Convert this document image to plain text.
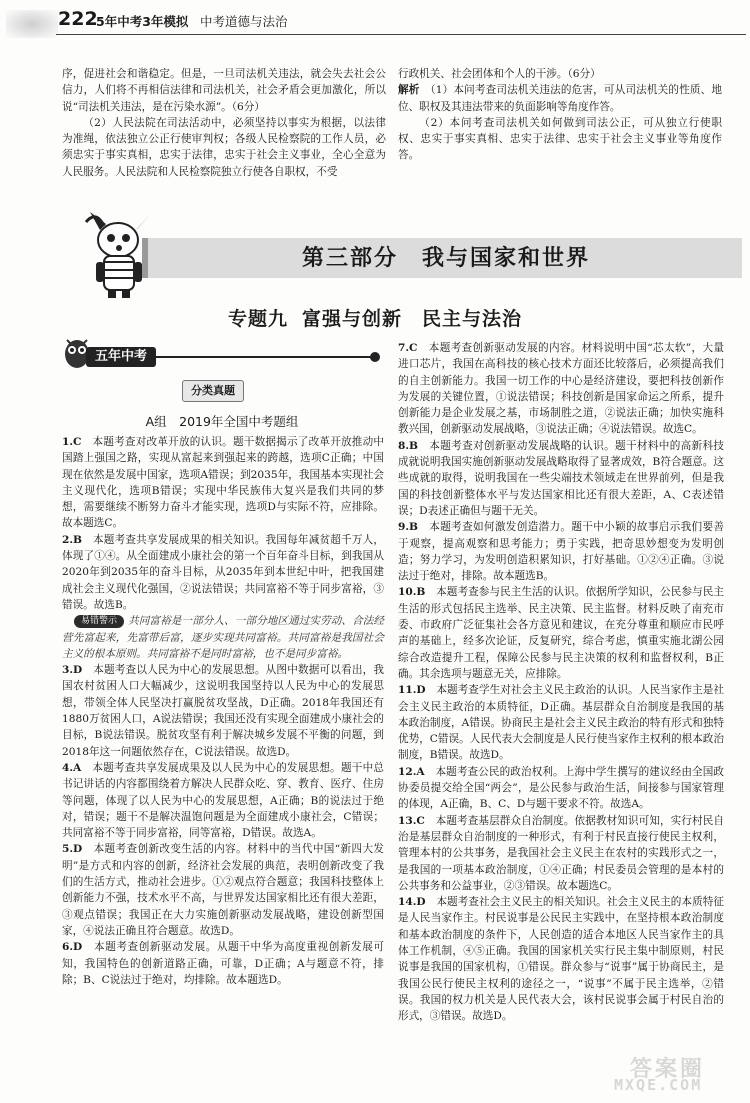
222
5年中考3年模拟 中考道德与法治

序，促进社会和谐稳定。但是，一旦司法机关违法，就会失去社会公信力，人们将不再相信法律和司法机关，社会矛盾会更加激化，所以说“司法机关违法，是在污染水源”。（6分）

（2）人民法院在司法活动中，必须坚持以事实为根据，以法律为准绳，依法独立公正行使审判权；各级人民检察院的工作人员，必须忠实于事实真相，忠实于法律，忠实于社会主义事业，全心全意为人民服务。人民法院和人民检察院独立行使各自职权，不受

行政机关、社会团体和个人的干涉。（6分）

解析　 （1）本问考查司法机关违法的危害，可从司法机关的性质、地位、职权及其违法带来的负面影响等角度作答。

（2）本问考查司法机关如何做到司法公正，可从独立行使职权、忠实于事实真相、忠实于法律、忠实于社会主义事业等角度作答。

第三部分　我与国家和世界
专题九 富强与创新 民主与法治
五年中考
分类真题
A组　2019年全国中考题组

1.C　 本题考查对改革开放的认识。题干数据揭示了改革开放推动中国踏上强国之路，实现从富起来到强起来的跨越，选项C正确；中国现在依然是发展中国家，选项A错误；到2035年，我国基本实现社会主义现代化，选项B错误；实现中华民族伟大复兴是我们共同的梦想，需要继续不断努力奋斗才能实现，选项D与实际不符，应排除。故本题选C。

2.B　 本题考查共享发展成果的相关知识。我国每年减贫超千万人，体现了①④。从全面建成小康社会的第一个百年奋斗目标，到我国从2020年到2035年的奋斗目标，从2035年到本世纪中叶，把我国建成社会主义现代化强国，②说法错误；共同富裕不等于同步富裕，③错误。故选B。

易错警示 共同富裕是一部分人、一部分地区通过实劳动、合法经营先富起来，先富带后富，逐步实现共同富裕。共同富裕是我国社会主义的根本原则。共同富裕不是同时富裕，也不是同步富裕。

3.D　 本题考查以人民为中心的发展思想。从图中数据可以看出，我国农村贫困人口大幅减少，这说明我国坚持以人民为中心的发展思想，带领全体人民坚决打赢脱贫攻坚战，D正确。2018年我国还有1880万贫困人口，A说法错误；我国还没有实现全面建成小康社会的目标，B说法错误。脱贫攻坚有利于解决城乡发展不平衡的问题，到2018年这一问题依然存在，C说法错误。故选D。

4.A　 本题考查共享发展成果及以人民为中心的发展思想。题干中总书记讲话的内容都围绕着方解决人民群众吃、穿、教育、医疗、住房等问题，体现了以人民为中心的发展思想，A正确；B的说法过于绝对，错误；题干不是解决温饱问题是为全面建成小康社会，C错误；共同富裕不等于同步富裕，同等富裕，D错误。故选A。

5.D　 本题考查创新改变生活的内容。材料中的当代中国“新四大发明”是方式和内容的创新，经济社会发展的典范，表明创新改变了我们的生活方式，推动社会进步。①②观点符合题意；我国科技整体上创新能力不强，技术水平不高，与世界发达国家相比还有很大差距，③观点错误；我国正在大力实施创新驱动发展战略，建设创新型国家，④说法正确且符合题意。故选D。

6.D　 本题考查创新驱动发展。从题干中华为高度重视创新发展可知，我国特色的创新道路正确，可靠，D正确；A与题意不符，排除；B、C说法过于绝对，均排除。故本题选D。

7.C　 本题考查创新驱动发展的内容。材料说明中国“芯太软”，大量进口芯片，我国在高科技的核心技术方面还比较落后，必须提高我们的自主创新能力。我国一切工作的中心是经济建设，要把科技创新作为发展的关键位置，①说法错误；科技创新是国家命运之所系，提升创新能力是企业发展之基，市场制胜之道，②说法正确；加快实施科教兴国，创新驱动发展战略，③说法正确；④说法错误。故选C。

8.B　 本题考查对创新驱动发展战略的认识。题干材料中的高新科技成就说明我国实施创新驱动发展战略取得了显著成效，B符合题意。这些成就的取得，说明我国在一些尖端技术领域走在世界前列，但是我国的科技创新整体水平与发达国家相比还有很大差距，A、C表述错误；D表述正确但与题干无关。

9.B　 本题考查如何激发创造潜力。题干中小颖的故事启示我们要善于观察，提高观察和思考能力；勇于实践，把奇思妙想变为发明创造；努力学习，为发明创造积累知识，打好基础。①②④正确。③说法过于绝对，排除。故本题选B。

10.B　 本题考查参与民主生活的认识。依据所学知识，公民参与民主生活的形式包括民主选举、民主决策、民主监督。材料反映了南充市委、市政府广泛征集社会各方意见和建议，在充分尊重和顺应市民呼声的基础上，经多次论证，反复研究，综合考虑，慎重实施北湖公园综合改造提升工程，保障公民参与民主决策的权利和监督权利，B正确。其余选项与题意无关，应排除。

11.D　 本题考查学生对社会主义民主政治的认识。人民当家作主是社会主义民主政治的本质特征，D正确。基层群众自治制度是我国的基本政治制度，A错误。协商民主是社会主义民主政治的特有形式和独特优势，C错误。人民代表大会制度是人民行使当家作主权利的根本政治制度，B错误。故选D。

12.A　 本题考查公民的政治权利。上海中学生撰写的建议经由全国政协委员提交给全国“两会”，是公民参与政治生活，间接参与国家管理的体现，A正确，B、C、D与题干要求不符。故选A。

13.C　 本题考查基层群众自治制度。依据教材知识可知，实行村民自治是基层群众自治制度的一种形式，有利于村民直接行使民主权利，管理本村的公共事务，是我国社会主义民主在农村的实践形式之一，是我国的一项基本政治制度，①④正确；村民委员会管理的是本村的公共事务和公益事业，②③错误。故本题选C。

14.D　 本题考查社会主义民主的相关知识。社会主义民主的本质特征是人民当家作主。村民说事是公民民主实践中，在坚持根本政治制度和基本政治制度的条件下，人民创造的适合本地区人民当家作主的具体工作机制，④⑤正确。我国的国家机关实行民主集中制原则，村民说事是我国的国家机构，①错误。群众参与“说事”属于协商民主，是我国公民行使民主权利的途径之一，“说事”不属于民主选举，②错误。我国的权力机关是人民代表大会，该村民说事会属于村民自治的形式，③错误。故选D。

答案圈
MXQE.COM
